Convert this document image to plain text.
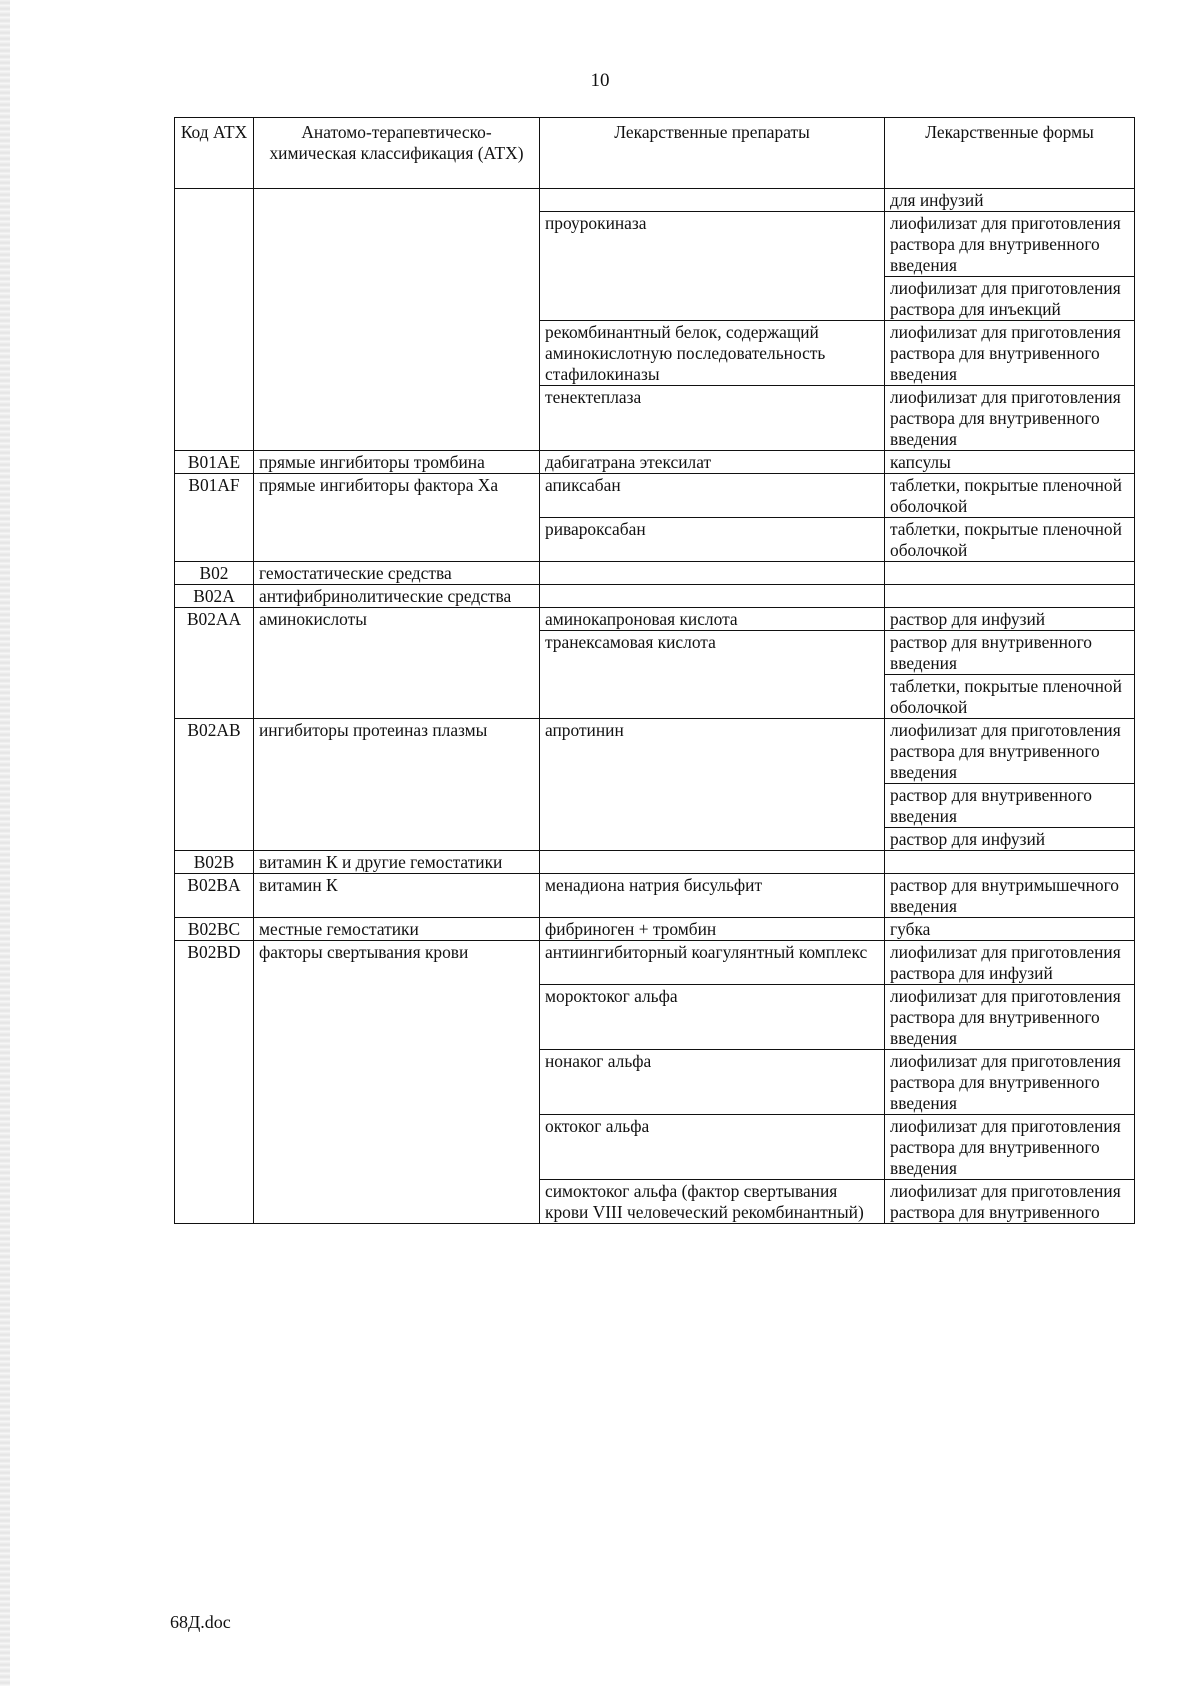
10
Код АТХ	Анатомо-терапевтическо-химическая классификация (АТХ)	Лекарственные препараты	Лекарственные формы
			для инфузий
		проурокиназа	лиофилизат для приготовления раствора для внутривенного введения
			лиофилизат для приготовления раствора для инъекций
		рекомбинантный белок, содержащий аминокислотную последовательность стафилокиназы	лиофилизат для приготовления раствора для внутривенного введения
		тенектеплаза	лиофилизат для приготовления раствора для внутривенного введения
B01AE	прямые ингибиторы тромбина	дабигатрана этексилат	капсулы
B01AF	прямые ингибиторы фактора Xa	апиксабан	таблетки, покрытые пленочной оболочкой
		ривароксабан	таблетки, покрытые пленочной оболочкой
B02	гемостатические средства		
B02A	антифибринолитические средства		
B02AA	аминокислоты	аминокапроновая кислота	раствор для инфузий
		транексамовая кислота	раствор для внутривенного введения
			таблетки, покрытые пленочной оболочкой
B02AB	ингибиторы протеиназ плазмы	апротинин	лиофилизат для приготовления раствора для внутривенного введения
			раствор для внутривенного введения
			раствор для инфузий
B02B	витамин К и другие гемостатики		
B02BA	витамин К	менадиона натрия бисульфит	раствор для внутримышечного введения
B02BC	местные гемостатики	фибриноген + тромбин	губка
B02BD	факторы свертывания крови	антиингибиторный коагулянтный комплекс	лиофилизат для приготовления раствора для инфузий
		мороктоког альфа	лиофилизат для приготовления раствора для внутривенного введения
		нонаког альфа	лиофилизат для приготовления раствора для внутривенного введения
		октоког альфа	лиофилизат для приготовления раствора для внутривенного введения
		симоктоког альфа (фактор свертывания крови VIII человеческий рекомбинантный)	лиофилизат для приготовления раствора для внутривенного
68Д.doc
